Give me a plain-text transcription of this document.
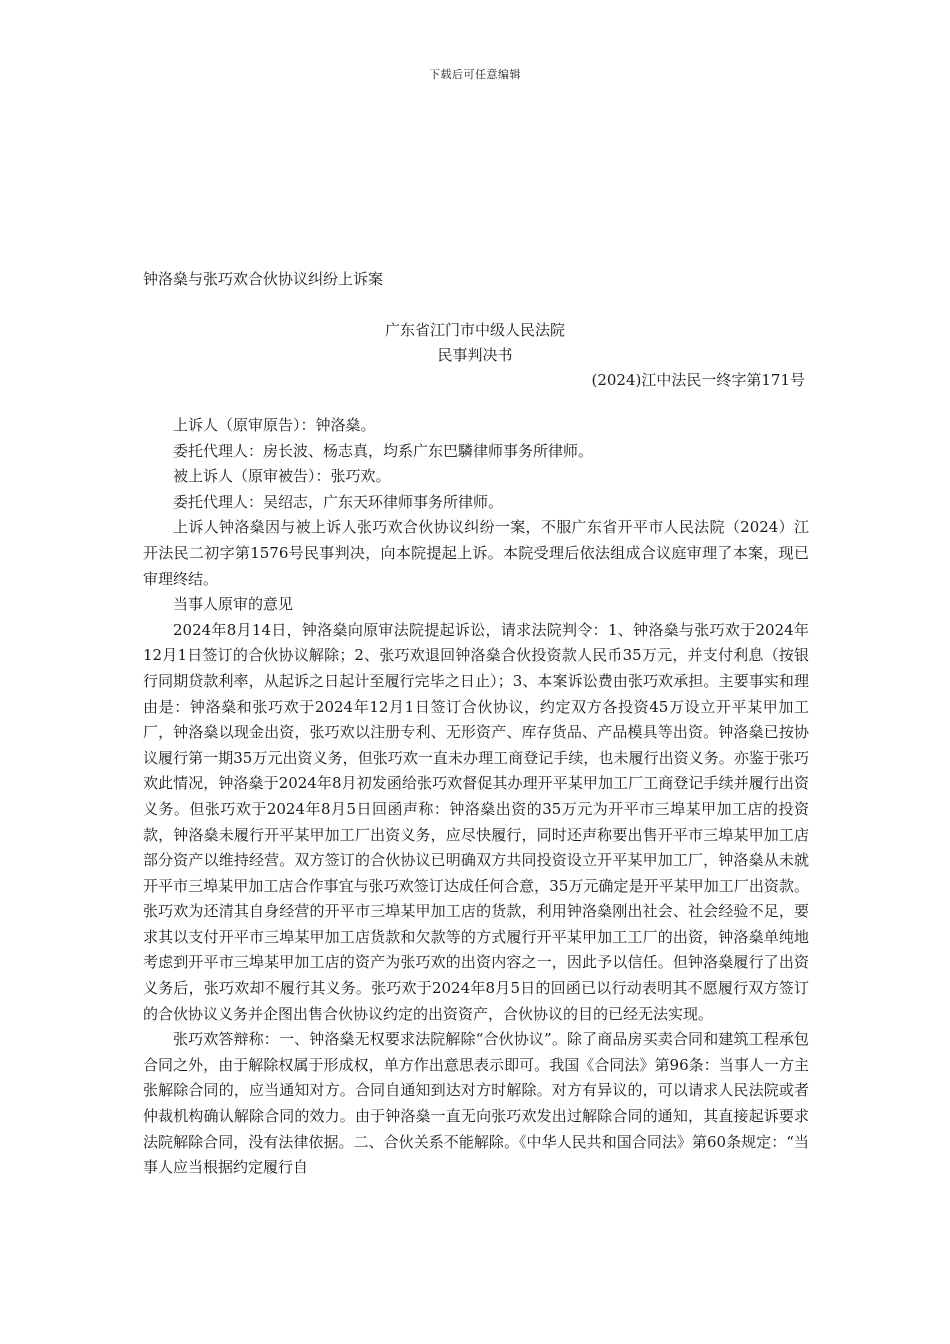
下载后可任意编辑
钟洛燊与张巧欢合伙协议纠纷上诉案
广东省江门市中级人民法院
民事判决书
(2024)江中法民一终字第171号

上诉人（原审原告）：钟洛燊。

委托代理人：房长波、杨志真，均系广东巴驎律师事务所律师。

被上诉人（原审被告）：张巧欢。

委托代理人：吴绍志，广东天环律师事务所律师。

上诉人钟洛燊因与被上诉人张巧欢合伙协议纠纷一案，不服广东省开平市人民法院（2024）江开法民二初字第1576号民事判决，向本院提起上诉。本院受理后依法组成合议庭审理了本案，现已审理终结。

当事人原审的意见

2024年8月14日，钟洛燊向原审法院提起诉讼，请求法院判令：1、钟洛燊与张巧欢于2024年12月1日签订的合伙协议解除；2、张巧欢退回钟洛燊合伙投资款人民币35万元，并支付利息（按银行同期贷款利率，从起诉之日起计至履行完毕之日止）；3、本案诉讼费由张巧欢承担。主要事实和理由是：钟洛燊和张巧欢于2024年12月1日签订合伙协议，约定双方各投资45万设立开平某甲加工厂，钟洛燊以现金出资，张巧欢以注册专利、无形资产、库存货品、产品模具等出资。钟洛燊已按协议履行第一期35万元出资义务，但张巧欢一直未办理工商登记手续，也未履行出资义务。亦鉴于张巧欢此情况，钟洛燊于2024年8月初发函给张巧欢督促其办理开平某甲加工厂工商登记手续并履行出资义务。但张巧欢于2024年8月5日回函声称：钟洛燊出资的35万元为开平市三埠某甲加工店的投资款，钟洛燊未履行开平某甲加工厂出资义务，应尽快履行，同时还声称要出售开平市三埠某甲加工店部分资产以维持经营。双方签订的合伙协议已明确双方共同投资设立开平某甲加工厂，钟洛燊从未就开平市三埠某甲加工店合作事宜与张巧欢签订达成任何合意，35万元确定是开平某甲加工厂出资款。张巧欢为还清其自身经营的开平市三埠某甲加工店的货款，利用钟洛燊刚出社会、社会经验不足，要求其以支付开平市三埠某甲加工店货款和欠款等的方式履行开平某甲加工工厂的出资，钟洛燊单纯地考虑到开平市三埠某甲加工店的资产为张巧欢的出资内容之一，因此予以信任。但钟洛燊履行了出资义务后，张巧欢却不履行其义务。张巧欢于2024年8月5日的回函已以行动表明其不愿履行双方签订的合伙协议义务并企图出售合伙协议约定的出资资产，合伙协议的目的已经无法实现。

张巧欢答辩称：一、钟洛燊无权要求法院解除“合伙协议”。除了商品房买卖合同和建筑工程承包合同之外，由于解除权属于形成权，单方作出意思表示即可。我国《合同法》第96条：当事人一方主张解除合同的，应当通知对方。合同自通知到达对方时解除。对方有异议的，可以请求人民法院或者仲裁机构确认解除合同的效力。由于钟洛燊一直无向张巧欢发出过解除合同的通知，其直接起诉要求法院解除合同，没有法律依据。二、合伙关系不能解除。《中华人民共和国合同法》第60条规定：“当事人应当根据约定履行自
